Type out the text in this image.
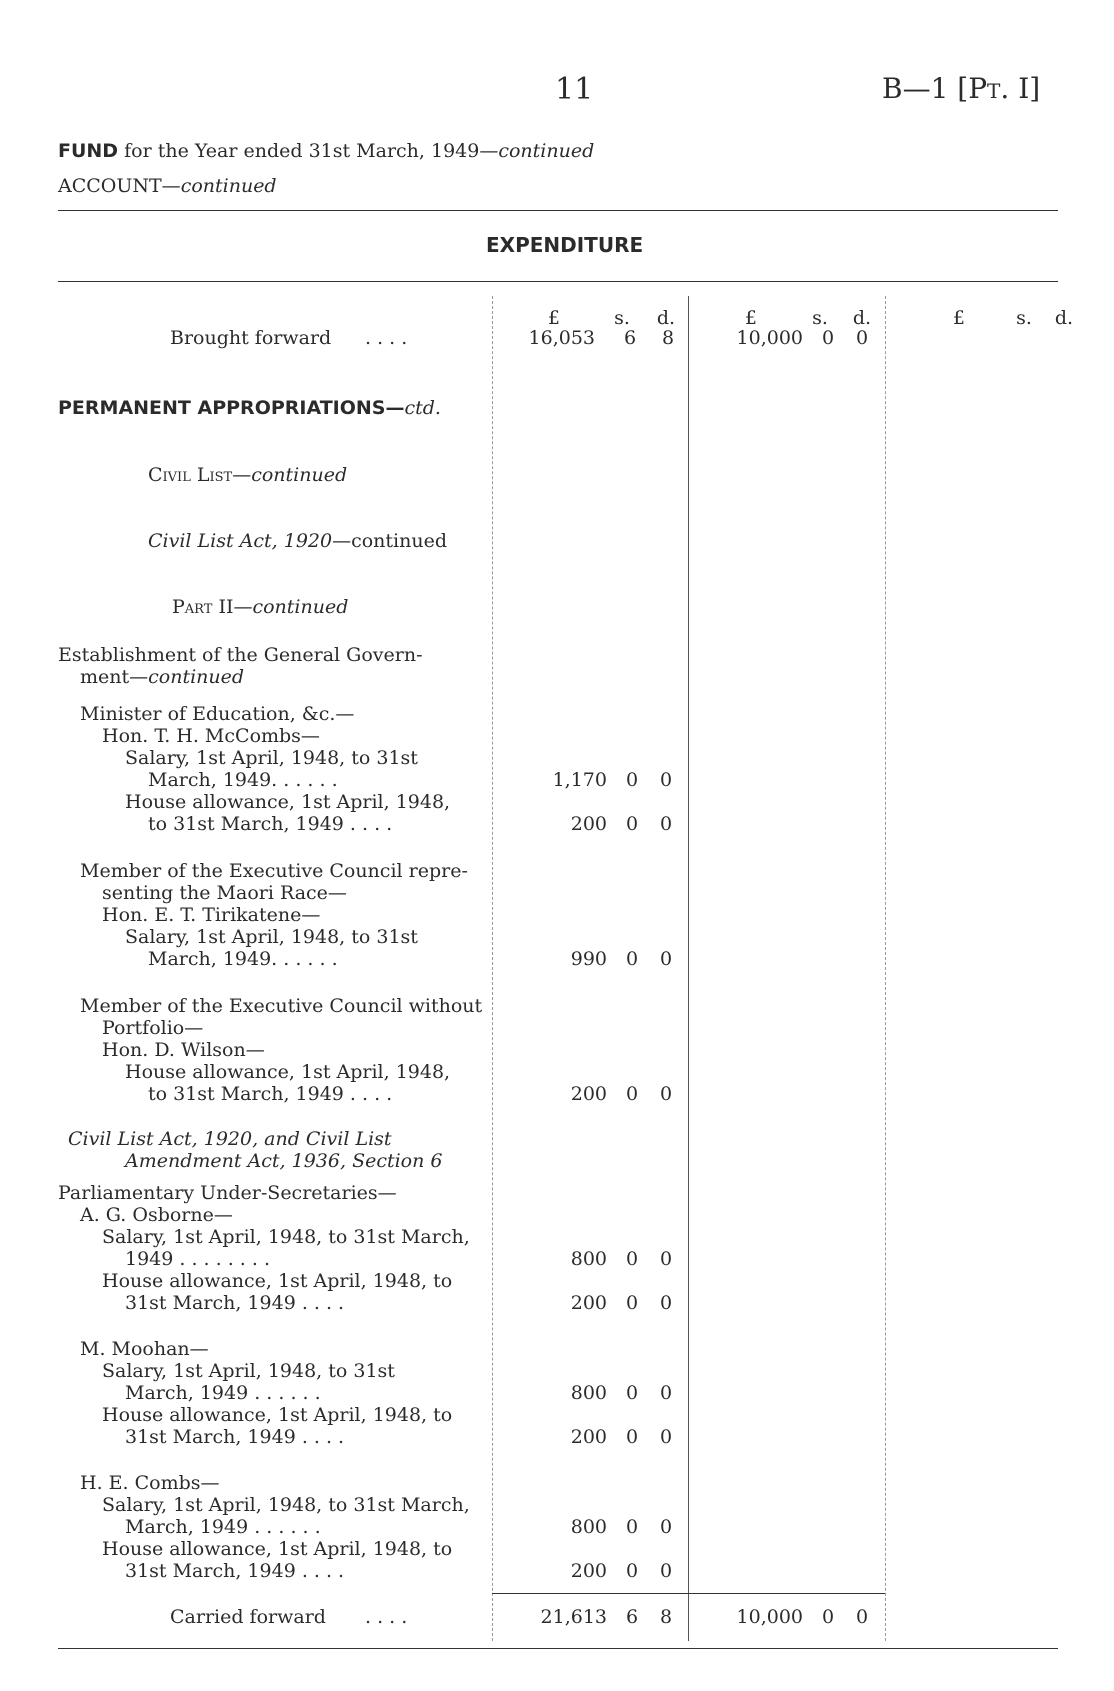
11	B—1 [Pt. I]
FUND for the Year ended 31st March, 1949—continued
ACCOUNT—continued
EXPENDITURE
£	s. d.	£	s. d.	£	s. d.
Brought forward . . . .	16,053 6 8	10,000 0 0
PERMANENT APPROPRIATIONS—ctd.
Civil List—continued
Civil List Act, 1920—continued
Part II—continued
Establishment of the General Govern-
ment—continued
Minister of Education, &c.—
Hon. T. H. McCombs—
Salary, 1st April, 1948, to 31st
March, 1949. . . . . .	1,170 0 0
House allowance, 1st April, 1948,
to 31st March, 1949 . . . .	200 0 0
Member of the Executive Council repre-
senting the Maori Race—
Hon. E. T. Tirikatene—
Salary, 1st April, 1948, to 31st
March, 1949. . . . . .	990 0 0
Member of the Executive Council without
Portfolio—
Hon. D. Wilson—
House allowance, 1st April, 1948,
to 31st March, 1949 . . . .	200 0 0
Civil List Act, 1920, and Civil List
Amendment Act, 1936, Section 6
Parliamentary Under-Secretaries—
A. G. Osborne—
Salary, 1st April, 1948, to 31st March,
1949 . . . . . . . .	800 0 0
House allowance, 1st April, 1948, to
31st March, 1949 . . . .	200 0 0
M. Moohan—
Salary, 1st April, 1948, to 31st
March, 1949 . . . . . .	800 0 0
House allowance, 1st April, 1948, to
31st March, 1949 . . . .	200 0 0
H. E. Combs—
Salary, 1st April, 1948, to 31st March,
March, 1949 . . . . . .	800 0 0
House allowance, 1st April, 1948, to
31st March, 1949 . . . .	200 0 0
Carried forward . . . .	21,613 6 8	10,000 0 0
